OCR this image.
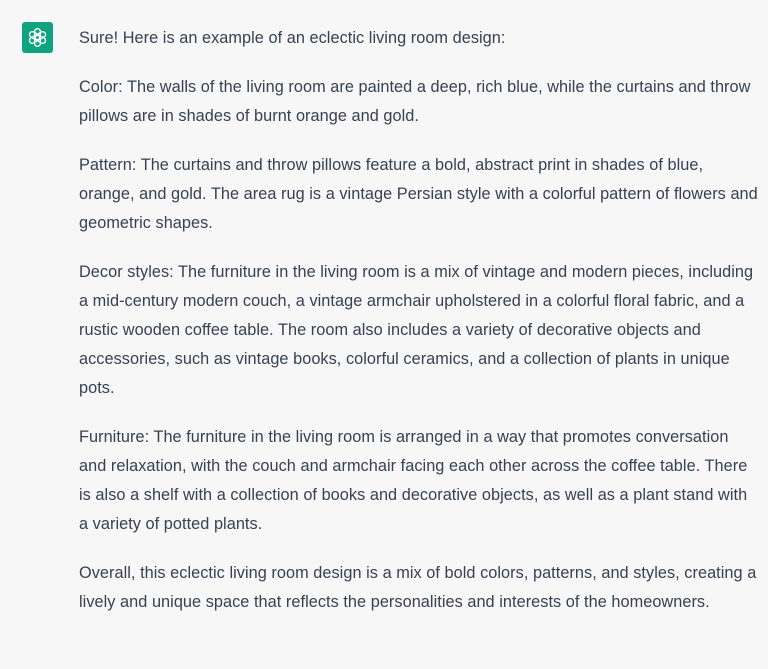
Sure! Here is an example of an eclectic living room design:

Color: The walls of the living room are painted a deep, rich blue, while the curtains and throw pillows are in shades of burnt orange and gold.

Pattern: The curtains and throw pillows feature a bold, abstract print in shades of blue, orange, and gold. The area rug is a vintage Persian style with a colorful pattern of flowers and geometric shapes.

Decor styles: The furniture in the living room is a mix of vintage and modern pieces, including a mid-century modern couch, a vintage armchair upholstered in a colorful floral fabric, and a rustic wooden coffee table. The room also includes a variety of decorative objects and accessories, such as vintage books, colorful ceramics, and a collection of plants in unique pots.

Furniture: The furniture in the living room is arranged in a way that promotes conversation and relaxation, with the couch and armchair facing each other across the coffee table. There is also a shelf with a collection of books and decorative objects, as well as a plant stand with a variety of potted plants.

Overall, this eclectic living room design is a mix of bold colors, patterns, and styles, creating a lively and unique space that reflects the personalities and interests of the homeowners.
